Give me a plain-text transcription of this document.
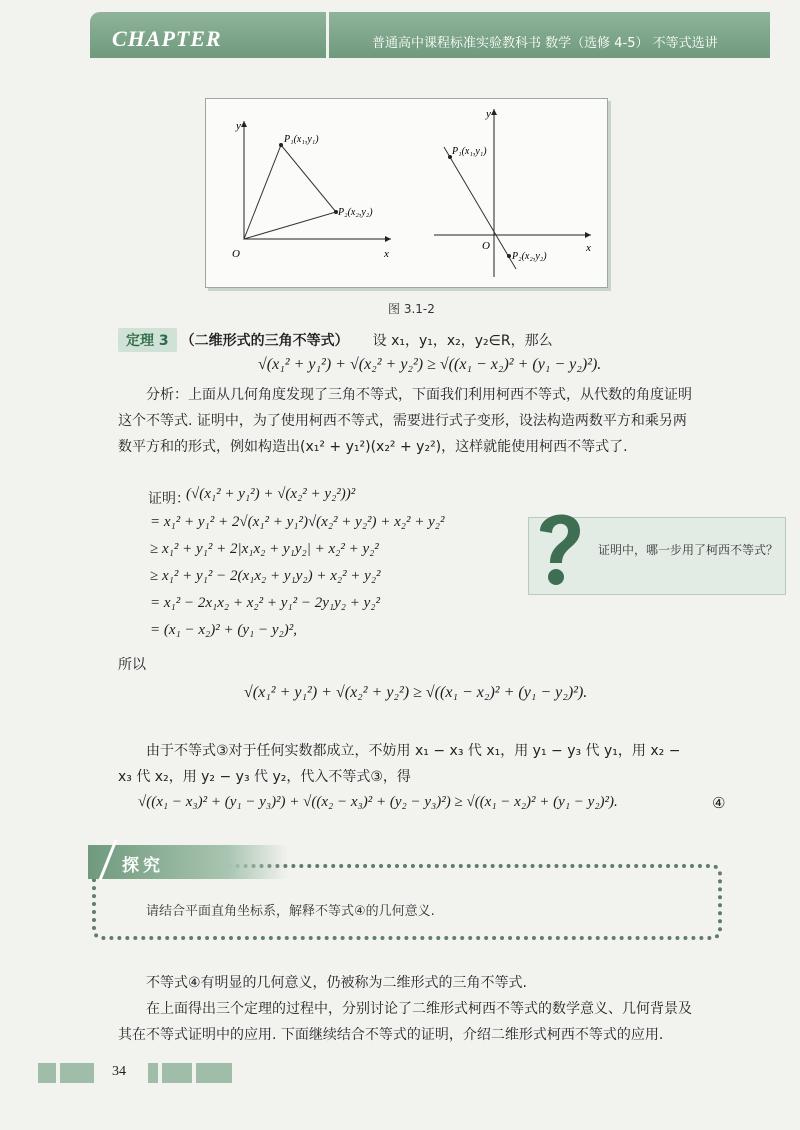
CHAPTER	普通高中课程标准实验教科书 数学（选修 4-5） 不等式选讲
y
x
O
P₁(x₁,y₁)
P₂(x₂,y₂)
y
x
O
P₁(x₁,y₁)
P₂(x₂,y₂)
图 3.1-2
定理 3 （二维形式的三角不等式） 设 x₁，y₁，x₂，y₂∈R，那么
√(x₁² + y₁²) + √(x₂² + y₂²) ≥ √((x₁ − x₂)² + (y₁ − y₂)²).
分析：上面从几何角度发现了三角不等式，下面我们利用柯西不等式，从代数的角度证明这个不等式. 证明中，为了使用柯西不等式，需要进行式子变形，设法构造两数平方和乘另两数平方和的形式，例如构造出(x₁² + y₁²)(x₂² + y₂²)，这样就能使用柯西不等式了.
证明：
(√(x₁² + y₁²) + √(x₂² + y₂²))²
= x₁² + y₁² + 2√(x₁² + y₁²)√(x₂² + y₂²) + x₂² + y₂²
≥ x₁² + y₁² + 2|x₁x₂ + y₁y₂| + x₂² + y₂²
≥ x₁² + y₁² − 2(x₁x₂ + y₁y₂) + x₂² + y₂²
= x₁² − 2x₁x₂ + x₂² + y₁² − 2y₁y₂ + y₂²
= (x₁ − x₂)² + (y₁ − y₂)²,
证明中，哪一步用了柯西不等式？
所以
√(x₁² + y₁²) + √(x₂² + y₂²) ≥ √((x₁ − x₂)² + (y₁ − y₂)²).
由于不等式③对于任何实数都成立，不妨用 x₁ − x₃ 代 x₁，用 y₁ − y₃ 代 y₁，用 x₂ − x₃ 代 x₂，用 y₂ − y₃ 代 y₂，代入不等式③，得
√((x₁ − x₃)² + (y₁ − y₃)²) + √((x₂ − x₃)² + (y₂ − y₃)²) ≥ √((x₁ − x₂)² + (y₁ − y₂)²).	④
探究
请结合平面直角坐标系，解释不等式④的几何意义.
不等式④有明显的几何意义，仍被称为二维形式的三角不等式.
在上面得出三个定理的过程中，分别讨论了二维形式柯西不等式的数学意义、几何背景及其在不等式证明中的应用. 下面继续结合不等式的证明，介绍二维形式柯西不等式的应用.
34
